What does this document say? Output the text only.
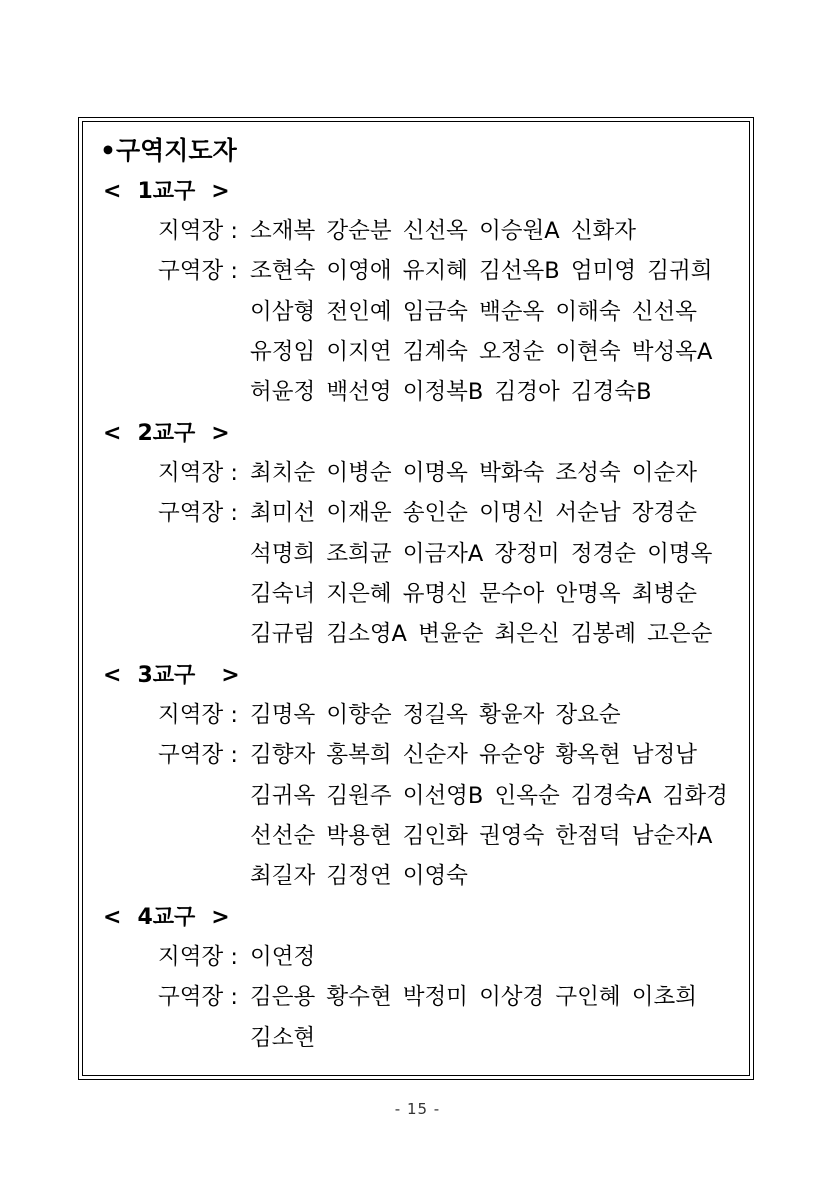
•구역지도자
< 1교구 >
지역장 : 소재복 강순분 신선옥 이승원A 신화자
구역장 : 조현숙 이영애 유지혜 김선옥B 엄미영 김귀희
이삼형 전인예 임금숙 백순옥 이해숙 신선옥
유정임 이지연 김계숙 오정순 이현숙 박성옥A
허윤정 백선영 이정복B 김경아 김경숙B
< 2교구 >
지역장 : 최치순 이병순 이명옥 박화숙 조성숙 이순자
구역장 : 최미선 이재운 송인순 이명신 서순남 장경순
석명희 조희균 이금자A 장정미 정경순 이명옥
김숙녀 지은혜 유명신 문수아 안명옥 최병순
김규림 김소영A 변윤순 최은신 김봉례 고은순
< 3교구 >
지역장 : 김명옥 이향순 정길옥 황윤자 장요순
구역장 : 김향자 홍복희 신순자 유순양 황옥현 남정남
김귀옥 김원주 이선영B 인옥순 김경숙A 김화경
선선순 박용현 김인화 권영숙 한점덕 남순자A
최길자 김정연 이영숙
< 4교구 >
지역장 : 이연정
구역장 : 김은용 황수현 박정미 이상경 구인혜 이초희
김소현
- 15 -
